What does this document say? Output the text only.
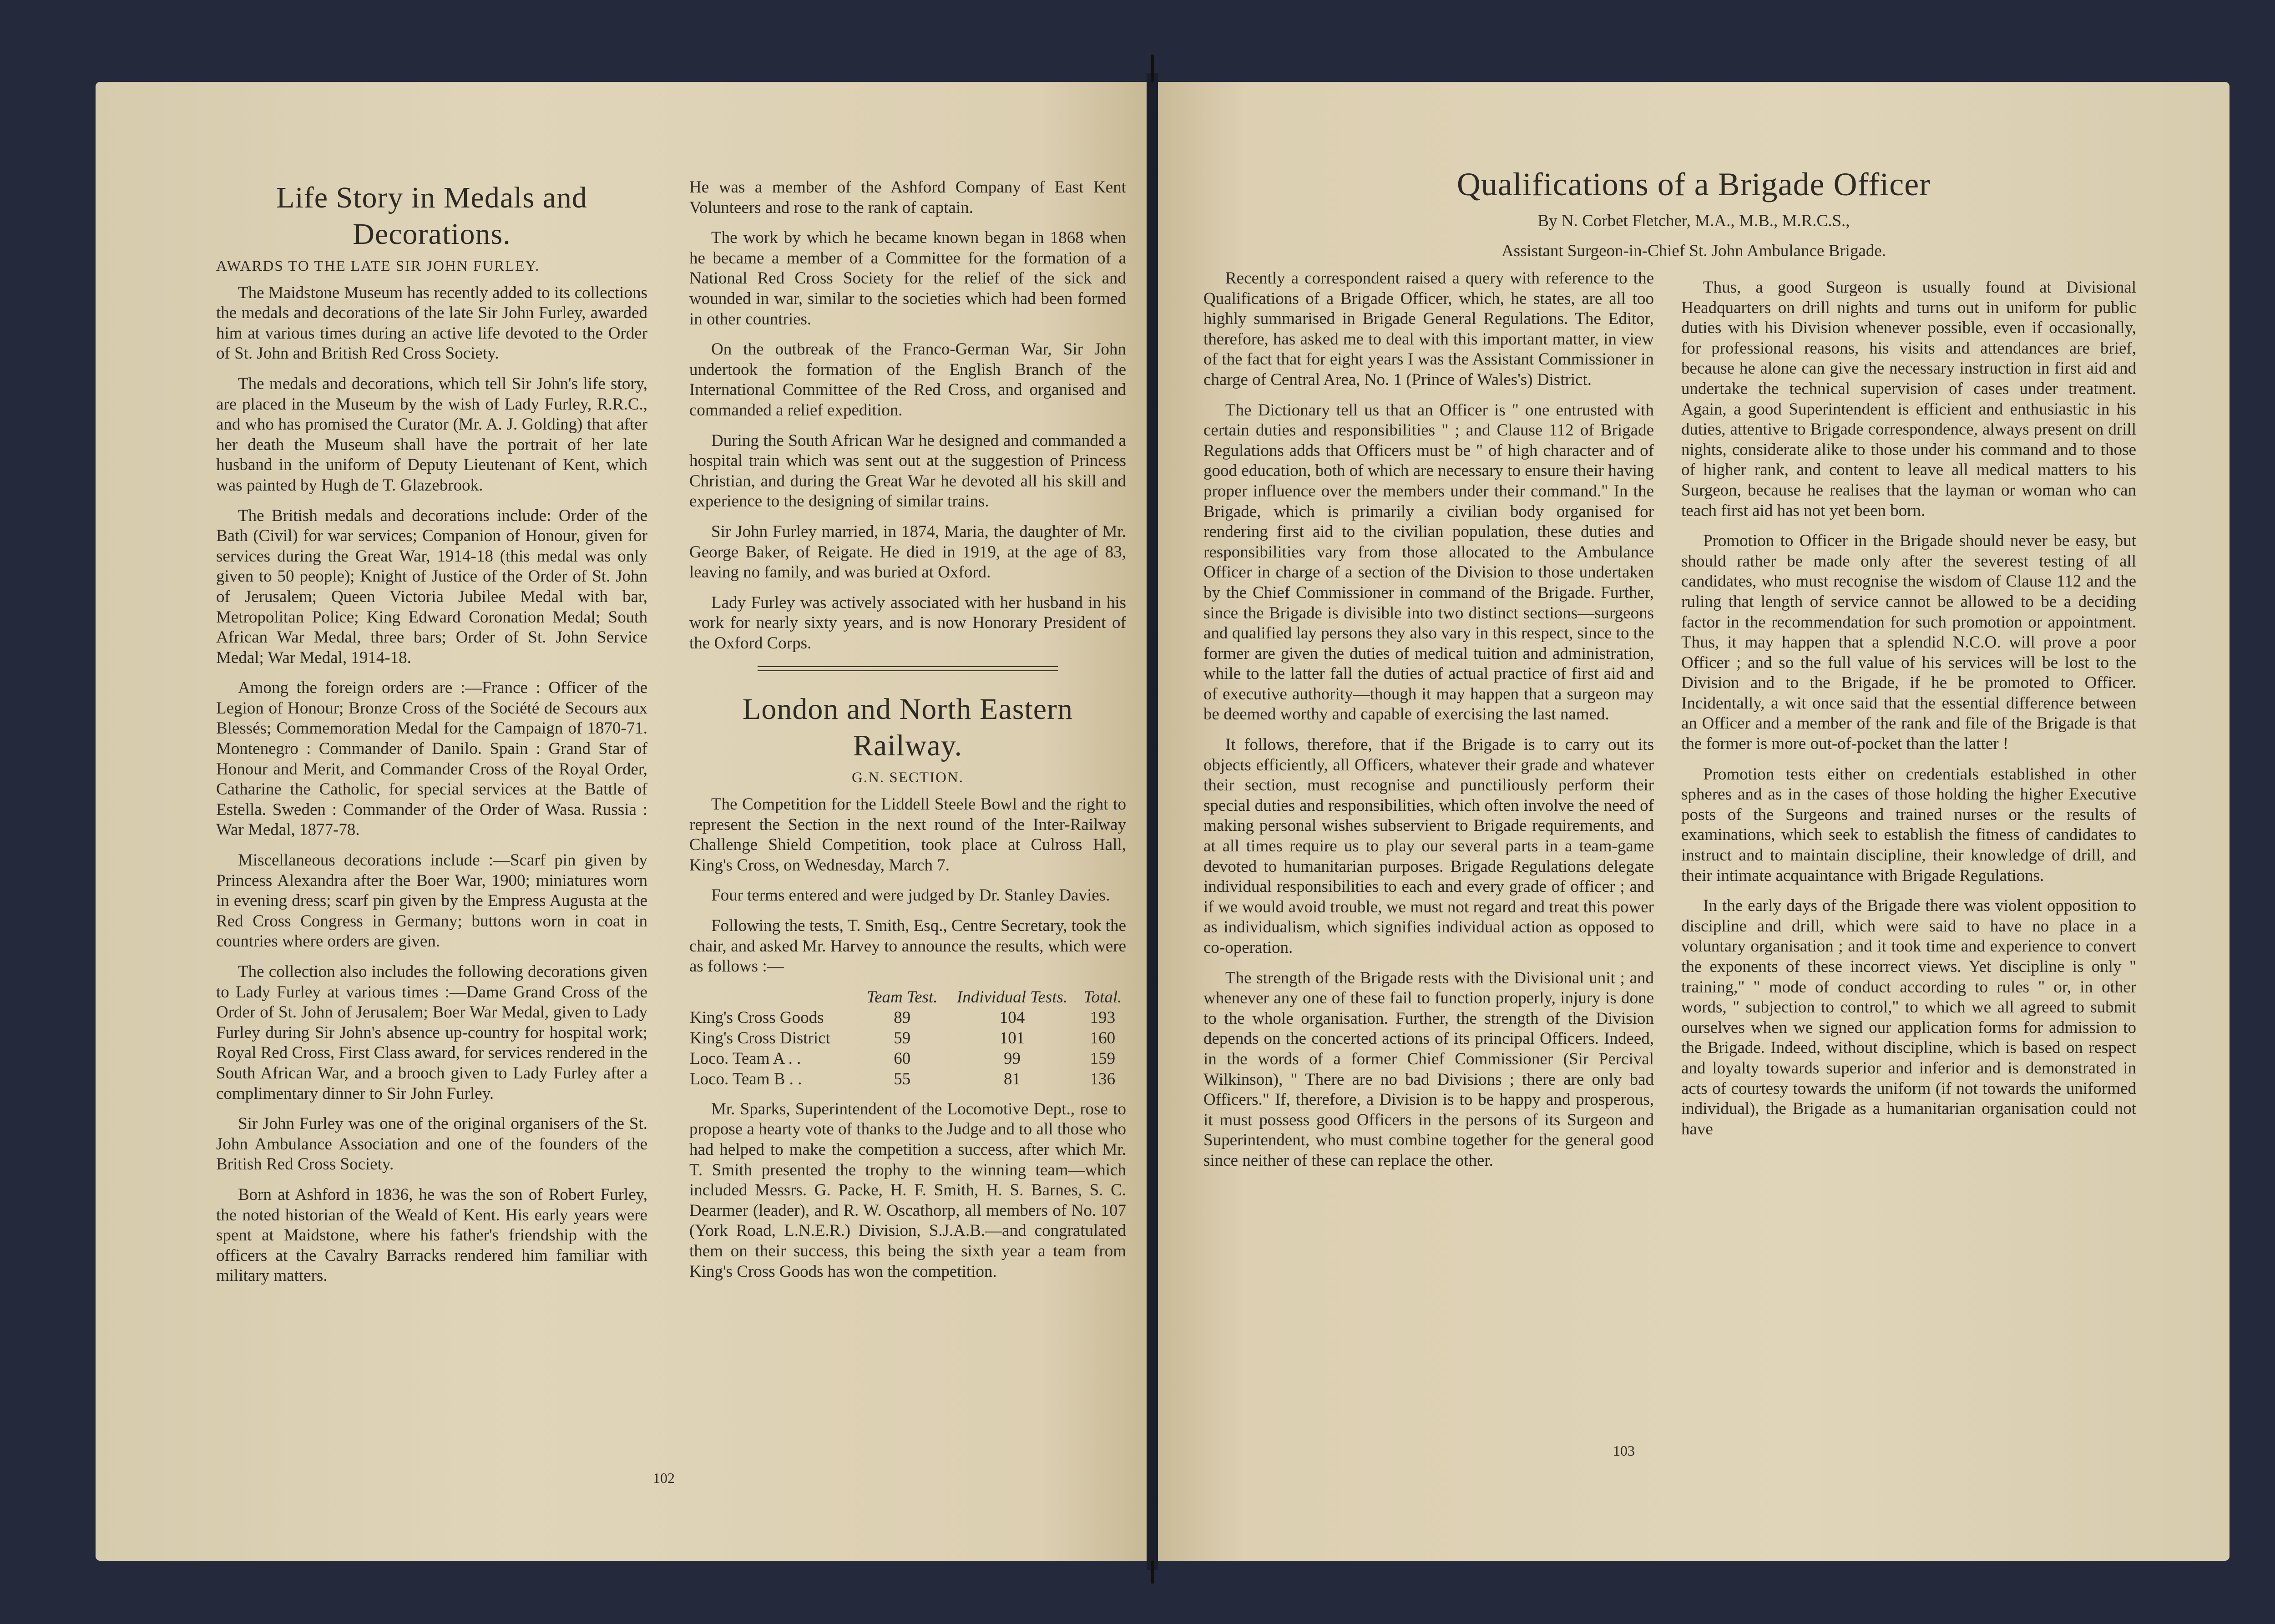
Life Story in Medals and Decorations.
AWARDS TO THE LATE SIR JOHN FURLEY.

The Maidstone Museum has recently added to its collections the medals and decorations of the late Sir John Furley, awarded him at various times during an active life devoted to the Order of St. John and British Red Cross Society.

The medals and decorations, which tell Sir John's life story, are placed in the Museum by the wish of Lady Furley, R.R.C., and who has promised the Curator (Mr. A. J. Golding) that after her death the Museum shall have the portrait of her late husband in the uniform of Deputy Lieutenant of Kent, which was painted by Hugh de T. Glazebrook.

The British medals and decorations include: Order of the Bath (Civil) for war services; Companion of Honour, given for services during the Great War, 1914-18 (this medal was only given to 50 people); Knight of Justice of the Order of St. John of Jerusalem; Queen Victoria Jubilee Medal with bar, Metropolitan Police; King Edward Coronation Medal; South African War Medal, three bars; Order of St. John Service Medal; War Medal, 1914-18.

Among the foreign orders are :—France : Officer of the Legion of Honour; Bronze Cross of the Société de Secours aux Blessés; Commemoration Medal for the Campaign of 1870-71. Montenegro : Commander of Danilo. Spain : Grand Star of Honour and Merit, and Commander Cross of the Royal Order, Catharine the Catholic, for special services at the Battle of Estella. Sweden : Commander of the Order of Wasa. Russia : War Medal, 1877-78.

Miscellaneous decorations include :—Scarf pin given by Princess Alexandra after the Boer War, 1900; miniatures worn in evening dress; scarf pin given by the Empress Augusta at the Red Cross Congress in Germany; buttons worn in coat in countries where orders are given.

The collection also includes the following decorations given to Lady Furley at various times :—Dame Grand Cross of the Order of St. John of Jerusalem; Boer War Medal, given to Lady Furley during Sir John's absence up-country for hospital work; Royal Red Cross, First Class award, for services rendered in the South African War, and a brooch given to Lady Furley after a complimentary dinner to Sir John Furley.

Sir John Furley was one of the original organisers of the St. John Ambulance Association and one of the founders of the British Red Cross Society.

Born at Ashford in 1836, he was the son of Robert Furley, the noted historian of the Weald of Kent. His early years were spent at Maidstone, where his father's friendship with the officers at the Cavalry Barracks rendered him familiar with military matters.

He was a member of the Ashford Company of East Kent Volunteers and rose to the rank of captain.

The work by which he became known began in 1868 when he became a member of a Committee for the formation of a National Red Cross Society for the relief of the sick and wounded in war, similar to the societies which had been formed in other countries.

On the outbreak of the Franco-German War, Sir John undertook the formation of the English Branch of the International Committee of the Red Cross, and organised and commanded a relief expedition.

During the South African War he designed and commanded a hospital train which was sent out at the suggestion of Princess Christian, and during the Great War he devoted all his skill and experience to the designing of similar trains.

Sir John Furley married, in 1874, Maria, the daughter of Mr. George Baker, of Reigate. He died in 1919, at the age of 83, leaving no family, and was buried at Oxford.

Lady Furley was actively associated with her husband in his work for nearly sixty years, and is now Honorary President of the Oxford Corps.

London and North Eastern Railway.
G.N. SECTION.

The Competition for the Liddell Steele Bowl and the right to represent the Section in the next round of the Inter-Railway Challenge Shield Competition, took place at Culross Hall, King's Cross, on Wednesday, March 7.

Four terms entered and were judged by Dr. Stanley Davies.

Following the tests, T. Smith, Esq., Centre Secretary, took the chair, and asked Mr. Harvey to announce the results, which were as follows :—

	Team Test.	Individual Tests.	Total.
King's Cross Goods	89	104	193
King's Cross District	59	101	160
Loco. Team A . .	60	99	159
Loco. Team B . .	55	81	136

Mr. Sparks, Superintendent of the Locomotive Dept., rose to propose a hearty vote of thanks to the Judge and to all those who had helped to make the competition a success, after which Mr. T. Smith presented the trophy to the winning team—which included Messrs. G. Packe, H. F. Smith, H. S. Barnes, S. C. Dearmer (leader), and R. W. Oscathorp, all members of No. 107 (York Road, L.N.E.R.) Division, S.J.A.B.—and congratulated them on their success, this being the sixth year a team from King's Cross Goods has won the competition.

102
Qualifications of a Brigade Officer
By N. Corbet Fletcher, M.A., M.B., M.R.C.S.,
Assistant Surgeon-in-Chief St. John Ambulance Brigade.

Recently a correspondent raised a query with reference to the Qualifications of a Brigade Officer, which, he states, are all too highly summarised in Brigade General Regulations. The Editor, therefore, has asked me to deal with this important matter, in view of the fact that for eight years I was the Assistant Commissioner in charge of Central Area, No. 1 (Prince of Wales's) District.

The Dictionary tell us that an Officer is " one entrusted with certain duties and responsibilities " ; and Clause 112 of Brigade Regulations adds that Officers must be " of high character and of good education, both of which are necessary to ensure their having proper influence over the members under their command." In the Brigade, which is primarily a civilian body organised for rendering first aid to the civilian population, these duties and responsibilities vary from those allocated to the Ambulance Officer in charge of a section of the Division to those undertaken by the Chief Commissioner in command of the Brigade. Further, since the Brigade is divisible into two distinct sections—surgeons and qualified lay persons they also vary in this respect, since to the former are given the duties of medical tuition and administration, while to the latter fall the duties of actual practice of first aid and of executive authority—though it may happen that a surgeon may be deemed worthy and capable of exercising the last named.

It follows, therefore, that if the Brigade is to carry out its objects efficiently, all Officers, whatever their grade and whatever their section, must recognise and punctiliously perform their special duties and responsibilities, which often involve the need of making personal wishes subservient to Brigade requirements, and at all times require us to play our several parts in a team-game devoted to humanitarian purposes. Brigade Regulations delegate individual responsibilities to each and every grade of officer ; and if we would avoid trouble, we must not regard and treat this power as individualism, which signifies individual action as opposed to co-operation.

The strength of the Brigade rests with the Divisional unit ; and whenever any one of these fail to function properly, injury is done to the whole organisation. Further, the strength of the Division depends on the concerted actions of its principal Officers. Indeed, in the words of a former Chief Commissioner (Sir Percival Wilkinson), " There are no bad Divisions ; there are only bad Officers." If, therefore, a Division is to be happy and prosperous, it must possess good Officers in the persons of its Surgeon and Superintendent, who must combine together for the general good since neither of these can replace the other.

Thus, a good Surgeon is usually found at Divisional Headquarters on drill nights and turns out in uniform for public duties with his Division whenever possible, even if occasionally, for professional reasons, his visits and attendances are brief, because he alone can give the necessary instruction in first aid and undertake the technical supervision of cases under treatment. Again, a good Superintendent is efficient and enthusiastic in his duties, attentive to Brigade correspondence, always present on drill nights, considerate alike to those under his command and to those of higher rank, and content to leave all medical matters to his Surgeon, because he realises that the layman or woman who can teach first aid has not yet been born.

Promotion to Officer in the Brigade should never be easy, but should rather be made only after the severest testing of all candidates, who must recognise the wisdom of Clause 112 and the ruling that length of service cannot be allowed to be a deciding factor in the recommendation for such promotion or appointment. Thus, it may happen that a splendid N.C.O. will prove a poor Officer ; and so the full value of his services will be lost to the Division and to the Brigade, if he be promoted to Officer. Incidentally, a wit once said that the essential difference between an Officer and a member of the rank and file of the Brigade is that the former is more out-of-pocket than the latter !

Promotion tests either on credentials established in other spheres and as in the cases of those holding the higher Executive posts of the Surgeons and trained nurses or the results of examinations, which seek to establish the fitness of candidates to instruct and to maintain discipline, their knowledge of drill, and their intimate acquaintance with Brigade Regulations.

In the early days of the Brigade there was violent opposition to discipline and drill, which were said to have no place in a voluntary organisation ; and it took time and experience to convert the exponents of these incorrect views. Yet discipline is only " training," " mode of conduct according to rules " or, in other words, " subjection to control," to which we all agreed to submit ourselves when we signed our application forms for admission to the Brigade. Indeed, without discipline, which is based on respect and loyalty towards superior and inferior and is demonstrated in acts of courtesy towards the uniform (if not towards the uniformed individual), the Brigade as a humanitarian organisation could not have

103
